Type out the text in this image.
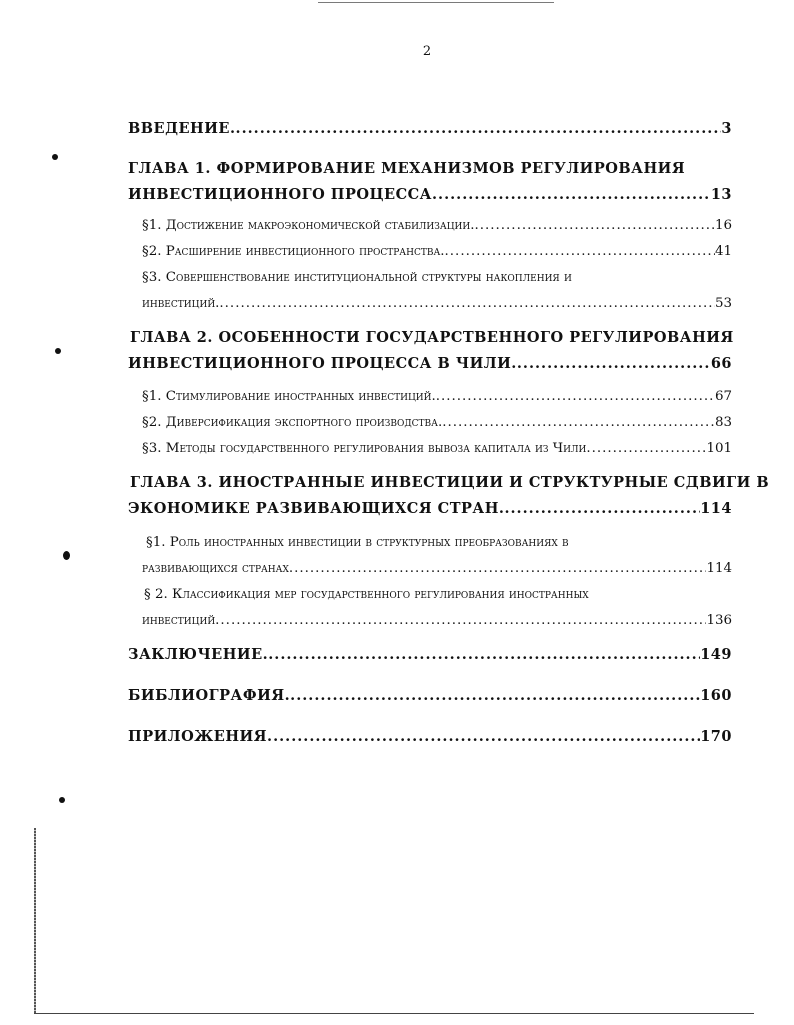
2
ВВЕДЕНИЕ. .....	3
ГЛАВА 1. ФОРМИРОВАНИЕ МЕХАНИЗМОВ РЕГУЛИРОВАНИЯ
ИНВЕСТИЦИОННОГО ПРОЦЕССА .....	13
§1. Достижение макроэкономической стабилизации. .....	16
§2. Расширение инвестиционного пространства. .....	41
§3. Совершенствование институциональной структуры накопления и
инвестиций. .....	53
ГЛАВА 2. ОСОБЕННОСТИ ГОСУДАРСТВЕННОГО РЕГУЛИРОВАНИЯ
ИНВЕСТИЦИОННОГО ПРОЦЕССА В ЧИЛИ. .....	66
§1. Стимулирование иностранных инвестиций. .....	67
§2. Диверсификация экспортного производства. .....	83
§3. Методы государственного регулирования вывоза капитала из Чили .....	101
ГЛАВА 3. ИНОСТРАННЫЕ ИНВЕСТИЦИИ И СТРУКТУРНЫЕ СДВИГИ В
ЭКОНОМИКЕ РАЗВИВАЮЩИХСЯ СТРАН. .....	114
§1. Роль иностранных инвестиции в структурных преобразованиях в
развивающихся странах .....	114
§ 2. Классификация мер государственного регулирования иностранных
инвестиций .....	136
ЗАКЛЮЧЕНИЕ. .....	149
БИБЛИОГРАФИЯ. .....	160
ПРИЛОЖЕНИЯ .....	170
